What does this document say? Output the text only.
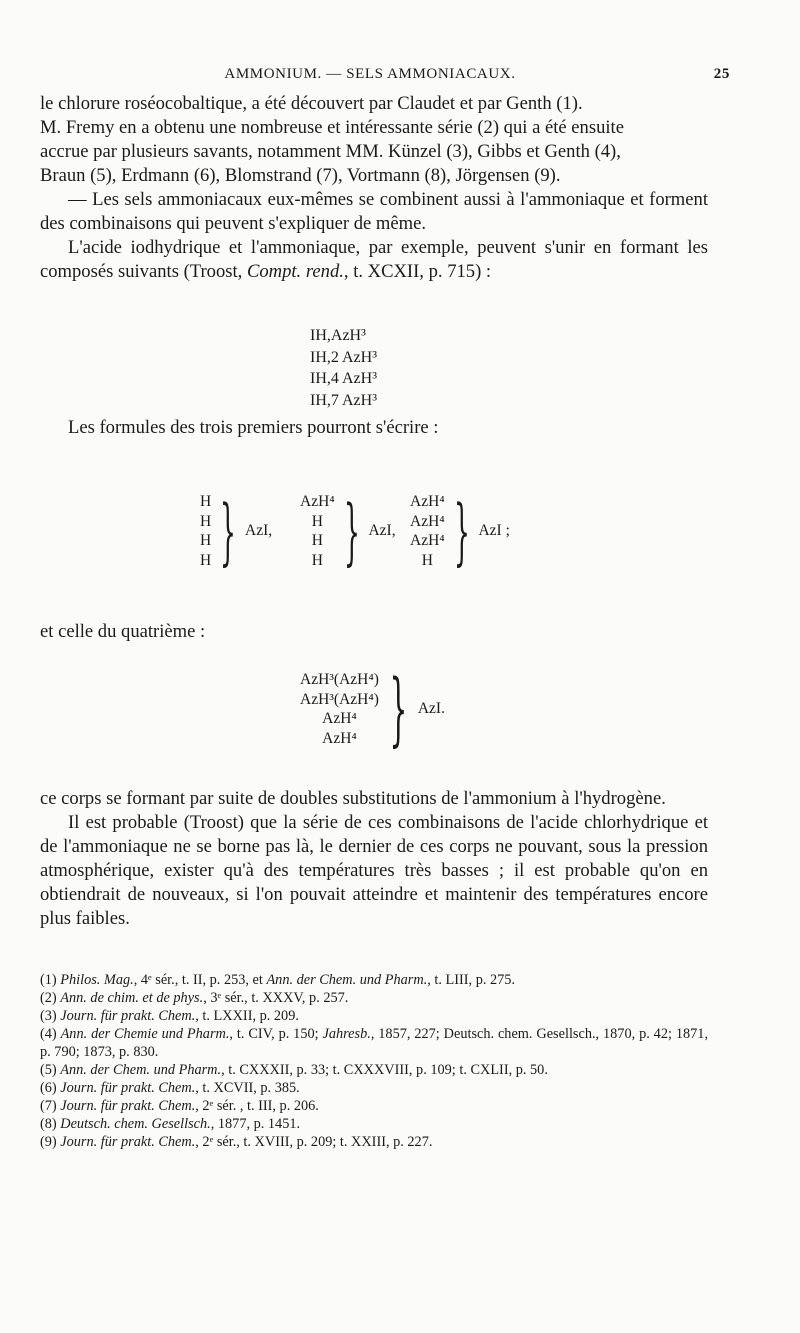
AMMONIUM. — SELS AMMONIACAUX.	25

le chlorure roséocobaltique, a été découvert par Claudet et par Genth (1).

M. Fremy en a obtenu une nombreuse et intéressante série (2) qui a été ensuite

accrue par plusieurs savants, notamment MM. Künzel (3), Gibbs et Genth (4),

Braun (5), Erdmann (6), Blomstrand (7), Vortmann (8), Jörgensen (9).

— Les sels ammoniacaux eux-mêmes se combinent aussi à l'ammoniaque et forment des combinaisons qui peuvent s'expliquer de même.

L'acide iodhydrique et l'ammoniaque, par exemple, peuvent s'unir en formant les composés suivants (Troost, Compt. rend., t. XCXII, p. 715) :

IH,AzH³
IH,2 AzH³
IH,4 AzH³
IH,7 AzH³

Les formules des trois premiers pourront s'écrire :

H
H
H
H } AzI,
AzH⁴
H
H
H } AzI,
AzH⁴
AzH⁴
AzH⁴
H } AzI ;

et celle du quatrième :

AzH³(AzH⁴)
AzH³(AzH⁴)
AzH⁴
AzH⁴ } AzI.

ce corps se formant par suite de doubles substitutions de l'ammonium à l'hydrogène.

Il est probable (Troost) que la série de ces combinaisons de l'acide chlorhydrique et de l'ammoniaque ne se borne pas là, le dernier de ces corps ne pouvant, sous la pression atmosphérique, exister qu'à des températures très basses ; il est probable qu'on en obtiendrait de nouveaux, si l'on pouvait atteindre et maintenir des températures encore plus faibles.

(1) Philos. Mag., 4ᵉ sér., t. II, p. 253, et Ann. der Chem. und Pharm., t. LIII, p. 275.
(2) Ann. de chim. et de phys., 3ᵉ sér., t. XXXV, p. 257.
(3) Journ. für prakt. Chem., t. LXXII, p. 209.
(4) Ann. der Chemie und Pharm., t. CIV, p. 150; Jahresb., 1857, 227; Deutsch. chem. Gesellsch., 1870, p. 42; 1871, p. 790; 1873, p. 830.
(5) Ann. der Chem. und Pharm., t. CXXXII, p. 33; t. CXXXVIII, p. 109; t. CXLII, p. 50.
(6) Journ. für prakt. Chem., t. XCVII, p. 385.
(7) Journ. für prakt. Chem., 2ᵉ sér. , t. III, p. 206.
(8) Deutsch. chem. Gesellsch., 1877, p. 1451.
(9) Journ. für prakt. Chem., 2ᵉ sér., t. XVIII, p. 209; t. XXIII, p. 227.
